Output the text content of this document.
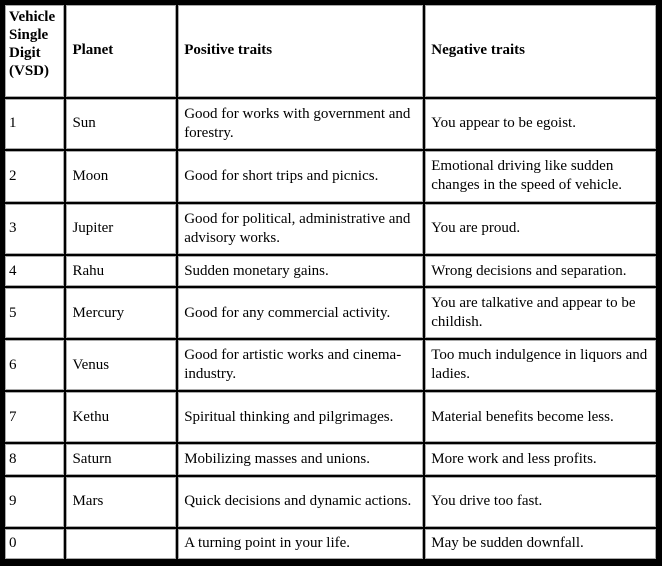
Vehicle Single Digit (VSD)	Planet	Positive traits	Negative traits
1	Sun	Good for works with government and forestry.	You appear to be egoist.
2	Moon	Good for short trips and picnics.	Emotional driving like sudden changes in the speed of vehicle.
3	Jupiter	Good for political, administrative and advisory works.	You are proud.
4	Rahu	Sudden monetary gains.	Wrong decisions and separation.
5	Mercury	Good for any commercial activity.	You are talkative and appear to be childish.
6	Venus	Good for artistic works and cinema-industry.	Too much indulgence in liquors and ladies.
7	Kethu	Spiritual thinking and pilgrimages.	Material benefits become less.
8	Saturn	Mobilizing masses and unions.	More work and less profits.
9	Mars	Quick decisions and dynamic actions.	You drive too fast.
0		A turning point in your life.	May be sudden downfall.
